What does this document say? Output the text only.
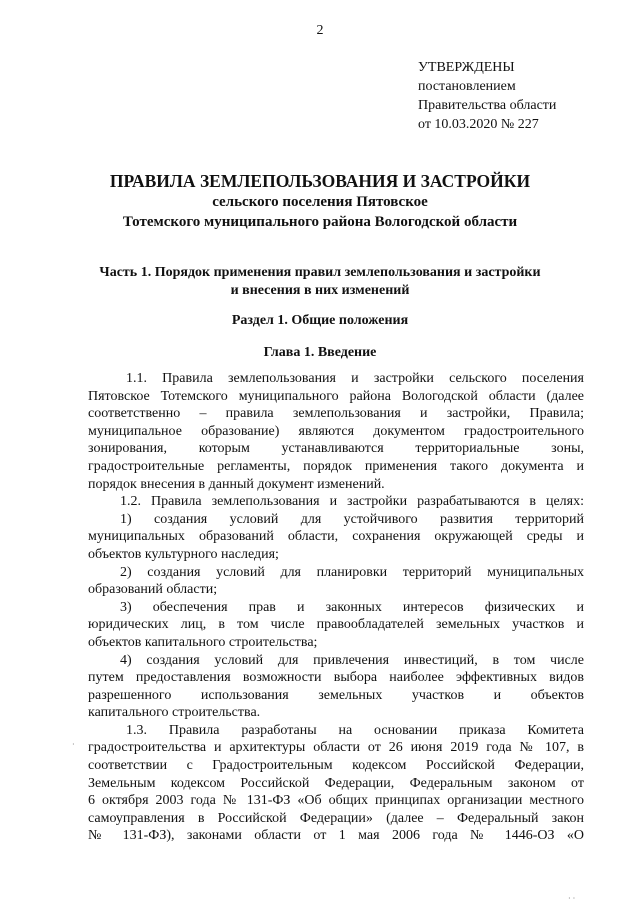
2
УТВЕРЖДЕНЫ
постановлением
Правительства области
от 10.03.2020 № 227
ПРАВИЛА ЗЕМЛЕПОЛЬЗОВАНИЯ И ЗАСТРОЙКИ
сельского поселения Пятовское
Тотемского муниципального района Вологодской области
Часть 1. Порядок применения правил землепользования и застройки
и внесения в них изменений
Раздел 1. Общие положения
Глава 1. Введение
1.1. Правила землепользования и застройки сельского поселения
Пятовское Тотемского муниципального района Вологодской области (далее
соответственно – правила землепользования и застройки, Правила;
муниципальное образование) являются документом градостроительного
зонирования, которым устанавливаются территориальные зоны,
градостроительные регламенты, порядок применения такого документа и
порядок внесения в данный документ изменений.
1.2. Правила землепользования и застройки разрабатываются в целях:
1) создания условий для устойчивого развития территорий
муниципальных образований области, сохранения окружающей среды и
объектов культурного наследия;
2) создания условий для планировки территорий муниципальных
образований области;
3) обеспечения прав и законных интересов физических и
юридических лиц, в том числе правообладателей земельных участков и
объектов капитального строительства;
4) создания условий для привлечения инвестиций, в том числе
путем предоставления возможности выбора наиболее эффективных видов
разрешенного использования земельных участков и объектов
капитального строительства.
1.3. Правила разработаны на основании приказа Комитета
градостроительства и архитектуры области от 26 июня 2019 года № 107, в
соответствии с Градостроительным кодексом Российской Федерации,
Земельным кодексом Российской Федерации, Федеральным законом от
6 октября 2003 года № 131-ФЗ «Об общих принципах организации местного
самоуправления в Российской Федерации» (далее – Федеральный закон
№ 131-ФЗ), законами области от 1 мая 2006 года № 1446-ОЗ «О
·
· ·
